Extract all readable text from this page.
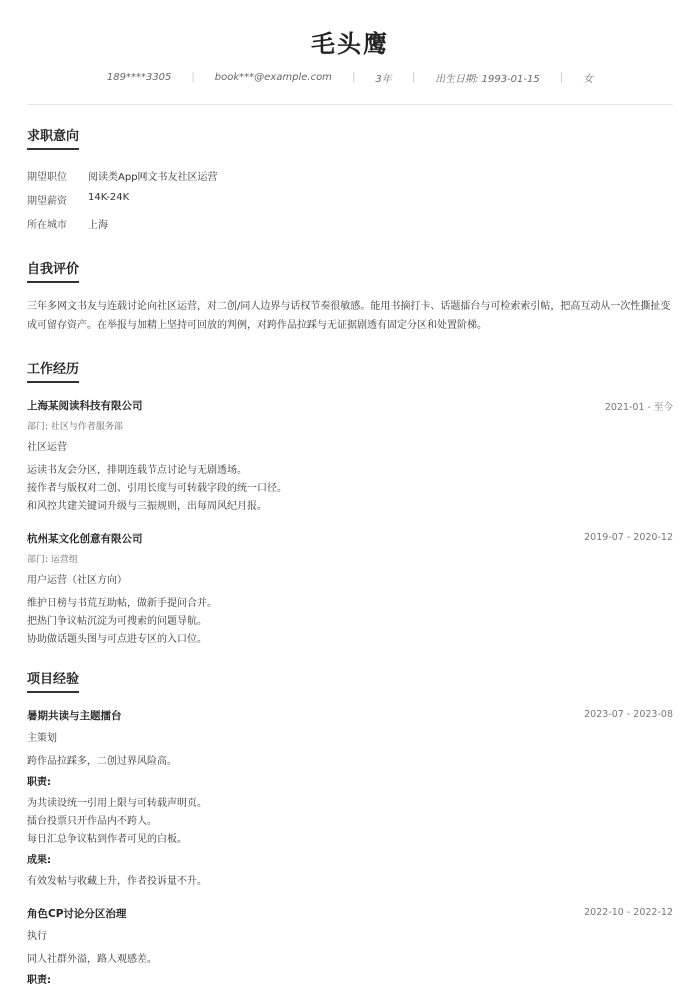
毛头鹰
189****3305 | book***@example.com | 3年 | 出生日期: 1993-01-15 | 女
求职意向
期望职位	阅读类App网文书友社区运营
期望薪资	14K-24K
所在城市	上海
自我评价
三年多网文书友与连载讨论向社区运营，对二创/同人边界与话权节奏很敏感。能用书摘打卡、话题擂台与可检索索引帖，把高互动从一次性撕扯变成可留存资产。在举报与加精上坚持可回放的判例，对跨作品拉踩与无证据剧透有固定分区和处置阶梯。
工作经历
上海某阅读科技有限公司	2021-01 - 至今
部门: 社区与作者服务部
社区运营
运读书友会分区，排期连载节点讨论与无剧透场。
接作者与版权对二创、引用长度与可转载字段的统一口径。
和风控共建关键词升级与三振规则，出每周风纪月报。
杭州某文化创意有限公司	2019-07 - 2020-12
部门: 运营组
用户运营（社区方向）
维护日榜与书荒互助帖，做新手提问合并。
把热门争议帖沉淀为可搜索的问题导航。
协助做话题头图与可点进专区的入口位。
项目经验
暑期共读与主题擂台	2023-07 - 2023-08
主策划
跨作品拉踩多，二创过界风险高。
职责:
为共读设统一引用上限与可转载声明页。
擂台投票只开作品内不跨人。
每日汇总争议粘到作者可见的白板。
成果:
有效发帖与收藏上升，作者投诉量不升。
角色CP讨论分区治理	2022-10 - 2022-12
执行
同人社群外溢，路人观感差。
职责:
